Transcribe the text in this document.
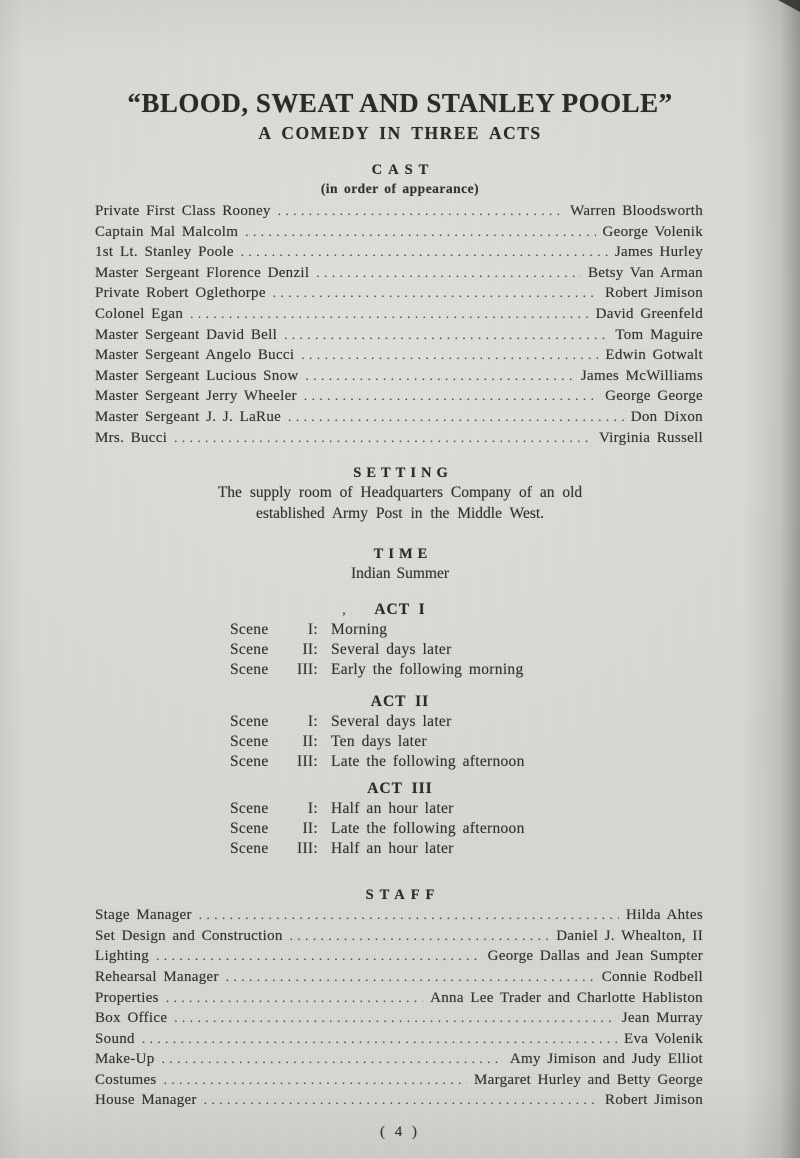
“BLOOD, SWEAT AND STANLEY POOLE”
A COMEDY IN THREE ACTS
CAST
(in order of appearance)
Private First Class Rooney .....	Warren Bloodsworth
Captain Mal Malcolm .....	George Volenik
1st Lt. Stanley Poole .....	James Hurley
Master Sergeant Florence Denzil .....	Betsy Van Arman
Private Robert Oglethorpe .....	Robert Jimison
Colonel Egan .....	David Greenfeld
Master Sergeant David Bell .....	Tom Maguire
Master Sergeant Angelo Bucci .....	Edwin Gotwalt
Master Sergeant Lucious Snow .....	James McWilliams
Master Sergeant Jerry Wheeler .....	George George
Master Sergeant J. J. LaRue .....	Don Dixon
Mrs. Bucci .....	Virginia Russell
SETTING
The supply room of Headquarters Company of an old
established Army Post in the Middle West.
TIME
Indian Summer
, ACT I
Scene	I: Morning
Scene	II: Several days later
Scene	III: Early the following morning
ACT II
Scene	I: Several days later
Scene	II: Ten days later
Scene	III: Late the following afternoon
ACT III
Scene	I: Half an hour later
Scene	II: Late the following afternoon
Scene	III: Half an hour later
STAFF
Stage Manager .....	Hilda Ahtes
Set Design and Construction .....	Daniel J. Whealton, II
Lighting .....	George Dallas and Jean Sumpter
Rehearsal Manager .....	Connie Rodbell
Properties .....	Anna Lee Trader and Charlotte Habliston
Box Office .....	Jean Murray
Sound .....	Eva Volenik
Make-Up .....	Amy Jimison and Judy Elliot
Costumes .....	Margaret Hurley and Betty George
House Manager .....	Robert Jimison
( 4 )
